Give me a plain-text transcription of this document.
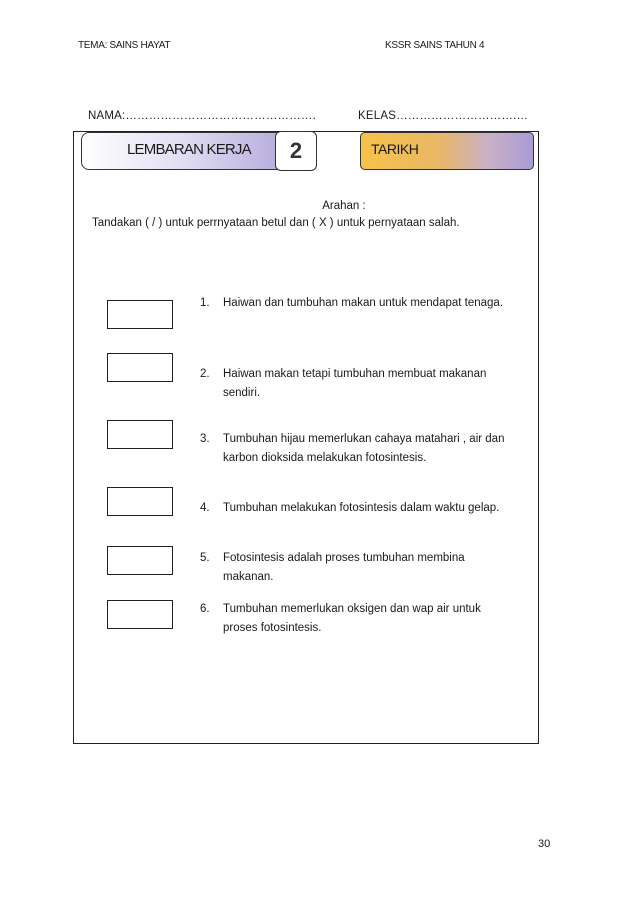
TEMA: SAINS HAYAT	KSSR SAINS TAHUN 4
NAMA:………………………………………….	KELAS………………………….…
LEMBARAN KERJA 2	TARIKH
Arahan :
Tandakan ( / ) untuk perrnyataan betul dan ( X ) untuk pernyataan salah.
1. Haiwan dan tumbuhan makan untuk mendapat tenaga.
2. Haiwan makan tetapi tumbuhan membuat makanan sendiri.
3. Tumbuhan hijau memerlukan cahaya matahari , air dan karbon dioksida melakukan fotosintesis.
4. Tumbuhan melakukan fotosintesis dalam waktu gelap.
5. Fotosintesis adalah proses tumbuhan membina makanan.
6. Tumbuhan memerlukan oksigen dan wap air untuk proses fotosintesis.
30
